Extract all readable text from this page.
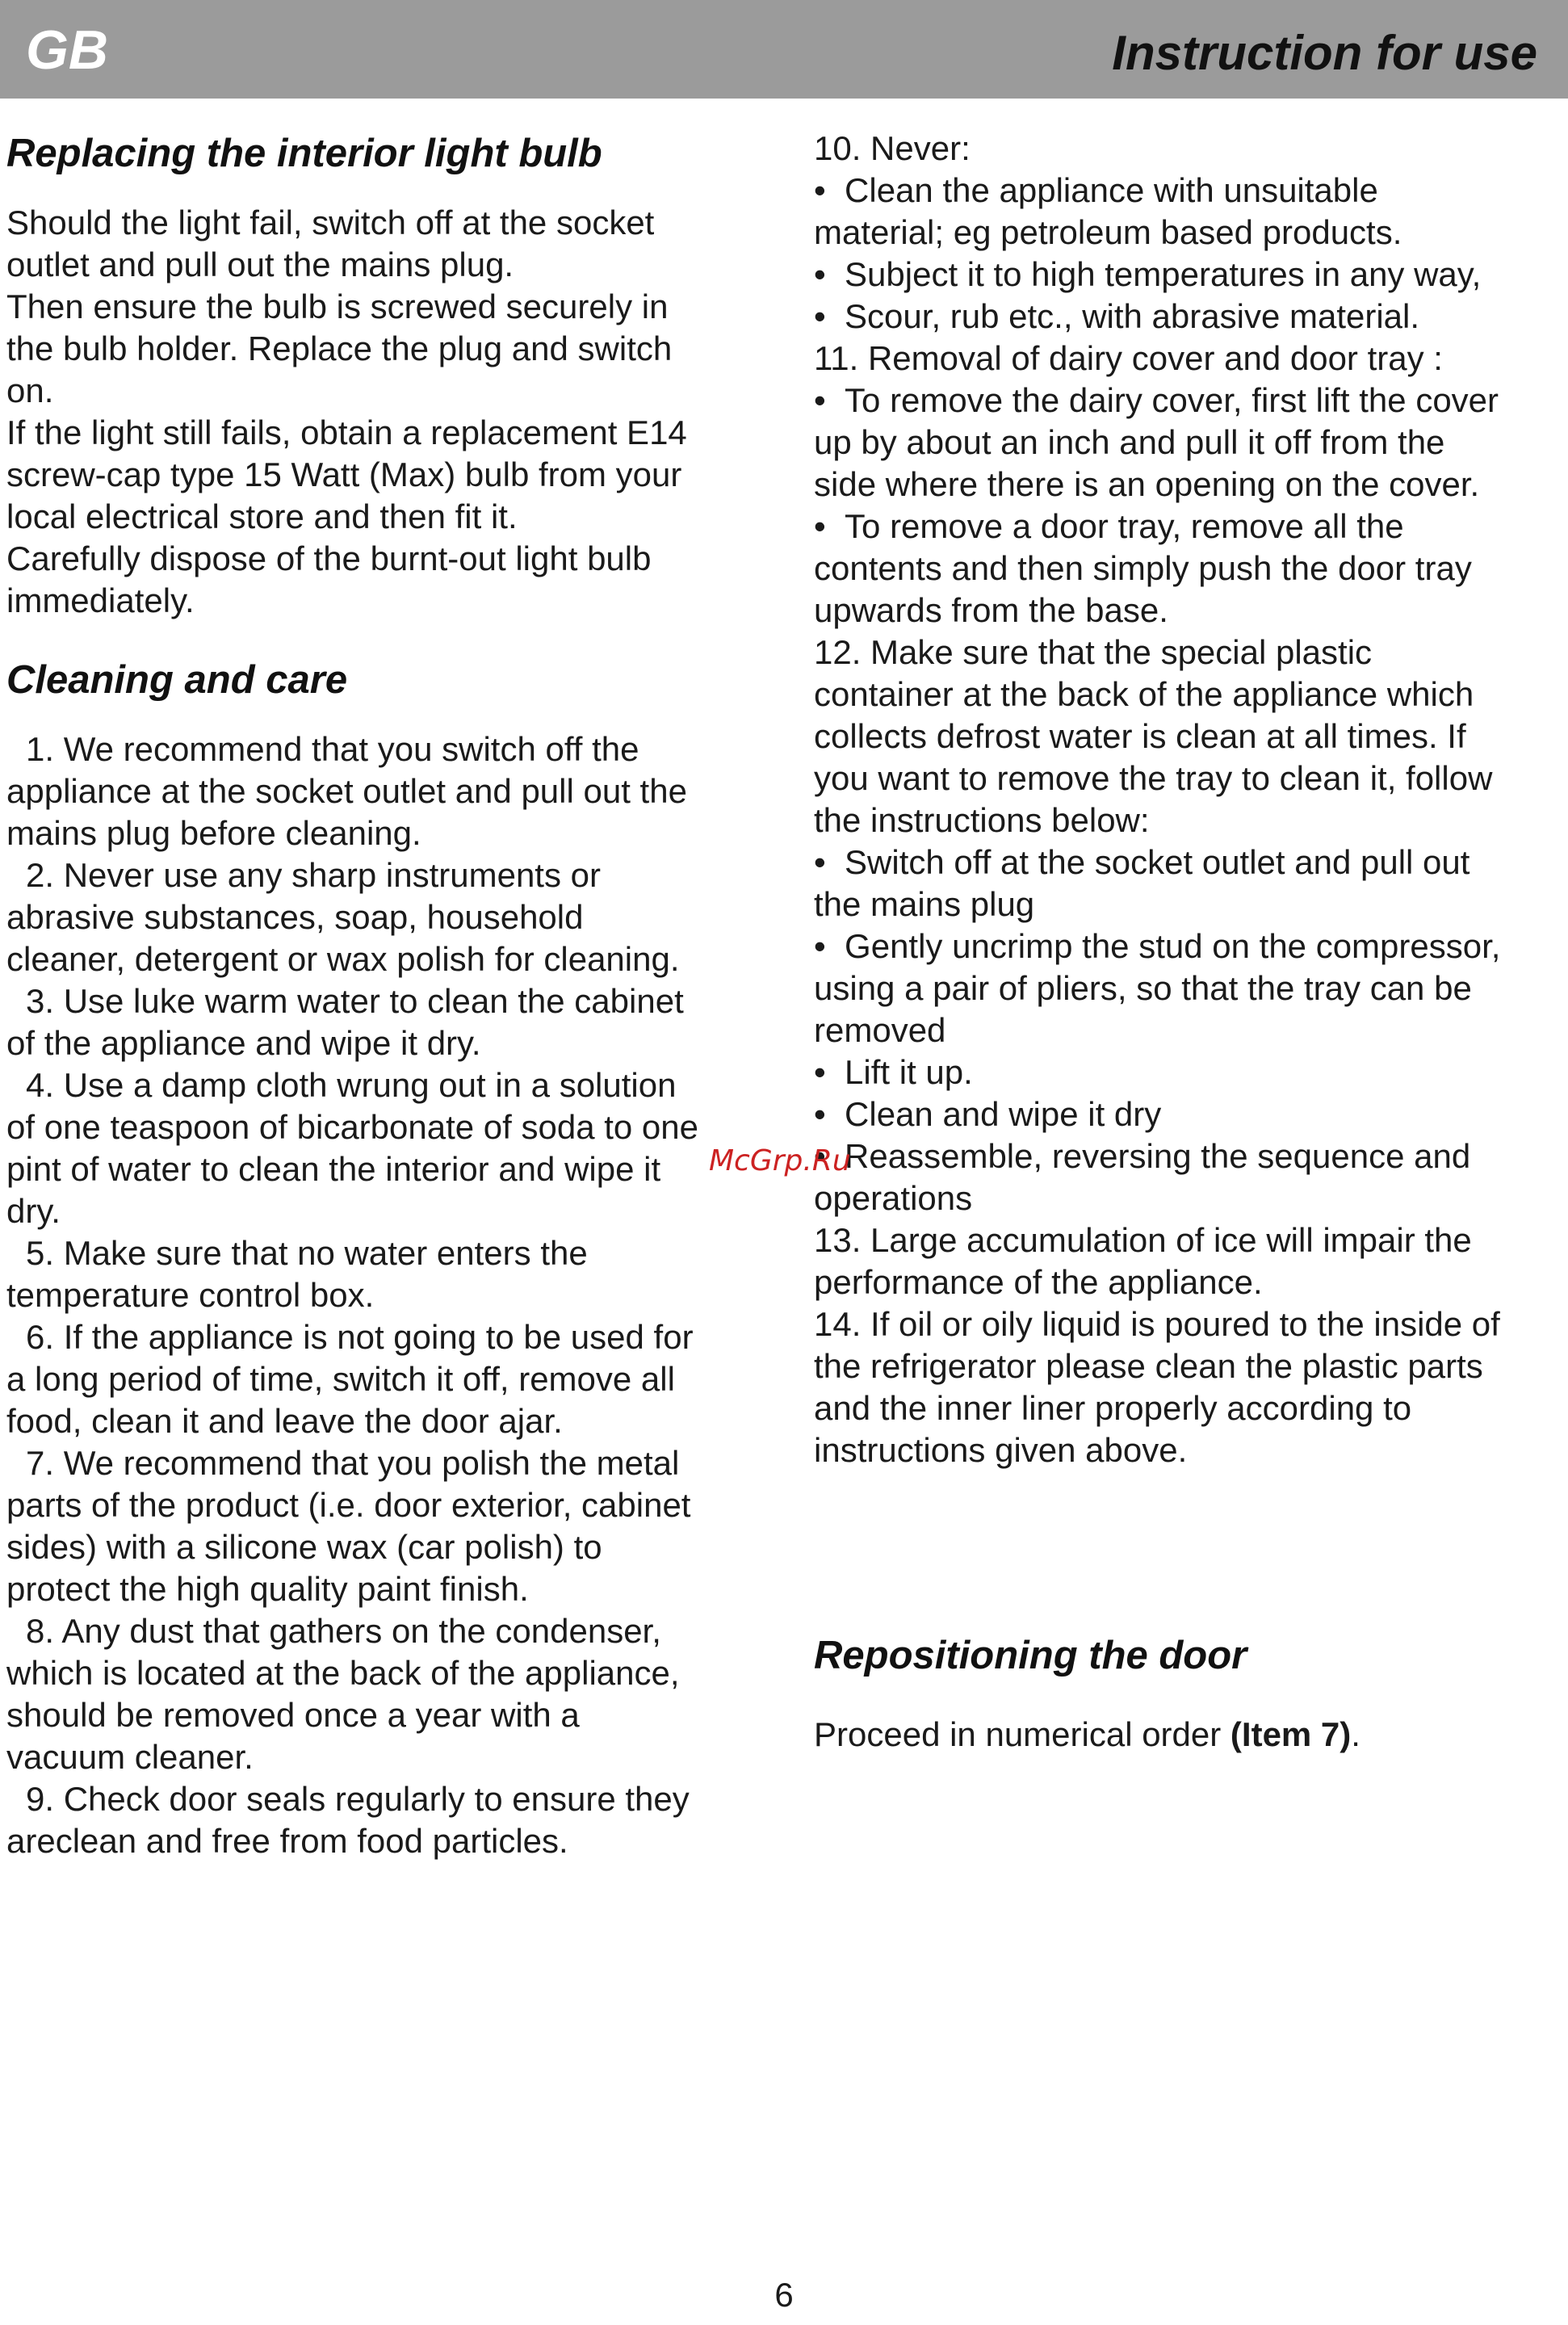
GB	Instruction for use
Replacing the interior light bulb

Should the light fail, switch off at the socket

outlet and pull out the mains plug.

Then ensure the bulb is screwed securely in

the bulb holder. Replace the plug and switch

on.

If the light still fails, obtain a replacement E14

screw-cap type 15 Watt (Max) bulb from your

local electrical store and then fit it.

Carefully dispose of the burnt-out light bulb

immediately.

Cleaning and care

1. We recommend that you switch off the

appliance at the socket outlet and pull out the

mains plug before cleaning.

2. Never use any sharp instruments or

abrasive substances, soap, household

cleaner, detergent or wax polish for cleaning.

3. Use luke warm water to clean the cabinet

of the appliance and wipe it dry.

4. Use a damp cloth wrung out in a solution

of one teaspoon of bicarbonate of soda to one

pint of water to clean the interior and wipe it

dry.

5. Make sure that no water enters the

temperature control box.

6. If the appliance is not going to be used for

a long period of time, switch it off, remove all

food, clean it and leave the door ajar.

7. We recommend that you polish the metal

parts of the product (i.e. door exterior, cabinet

sides) with a silicone wax (car polish) to

protect the high quality paint finish.

8. Any dust that gathers on the condenser,

which is located at the back of the appliance,

should be removed once a year with a

vacuum cleaner.

9. Check door seals regularly to ensure they

areclean and free from food particles.

10. Never:

•  Clean the appliance with unsuitable

material; eg petroleum based products.

•  Subject it to high temperatures in any way,

•  Scour, rub etc., with abrasive material.

11. Removal of dairy cover and door tray :

•  To remove the dairy cover, first lift the cover

up by about an inch and pull it off from the

side where there is an opening on the cover.

•  To remove a door tray, remove all the

contents and then simply push the door tray

upwards from the base.

12. Make sure that the special plastic

container at the back of the appliance which

collects defrost water is clean at all times. If

you want to remove the tray to clean it, follow

the instructions below:

•  Switch off at the socket outlet and pull out

the mains plug

•  Gently uncrimp the stud on the compressor,

using a pair of pliers, so that the tray can be

removed

•  Lift it up.

•  Clean and wipe it dry

•  Reassemble, reversing the sequence and

operations

13. Large accumulation of ice will impair the

performance of the appliance.

14. If oil or oily liquid is poured to the inside of

the refrigerator please clean the plastic parts

and the inner liner properly according to

instructions given above.

Repositioning the door

Proceed in numerical order (Item 7).

McGrp.Ru
6
